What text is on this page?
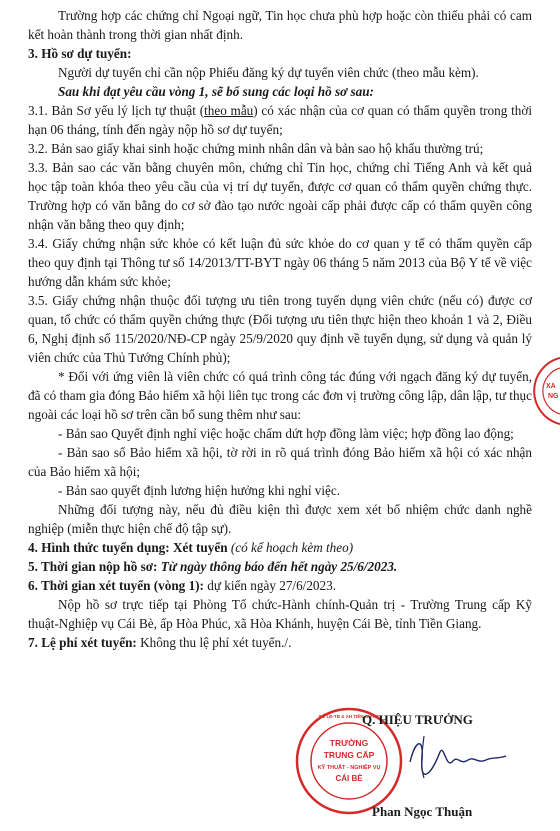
Trường hợp các chứng chỉ Ngoại ngữ, Tin học chưa phù hợp hoặc còn thiếu phải có cam kết hoàn thành trong thời gian nhất định.

3. Hồ sơ dự tuyển:

Người dự tuyển chỉ cần nộp Phiếu đăng ký dự tuyển viên chức (theo mẫu kèm).

Sau khi đạt yêu cầu vòng 1, sẽ bổ sung các loại hồ sơ sau:

3.1. Bản Sơ yếu lý lịch tự thuật (theo mẫu) có xác nhận của cơ quan có thẩm quyền trong thời hạn 06 tháng, tính đến ngày nộp hồ sơ dự tuyển;

3.2. Bản sao giấy khai sinh hoặc chứng minh nhân dân và bản sao hộ khẩu thường trú;

3.3. Bản sao các văn bằng chuyên môn, chứng chỉ Tin học, chứng chỉ Tiếng Anh và kết quả học tập toàn khóa theo yêu cầu của vị trí dự tuyển, được cơ quan có thẩm quyền chứng thực. Trường hợp có văn bằng do cơ sở đào tạo nước ngoài cấp phải được cấp có thẩm quyền công nhận văn bằng theo quy định;

3.4. Giấy chứng nhận sức khỏe có kết luận đủ sức khỏe do cơ quan y tế có thẩm quyền cấp theo quy định tại Thông tư số 14/2013/TT-BYT ngày 06 tháng 5 năm 2013 của Bộ Y tế về việc hướng dẫn khám sức khỏe;

3.5. Giấy chứng nhận thuộc đối tượng ưu tiên trong tuyển dụng viên chức (nếu có) được cơ quan, tổ chức có thẩm quyền chứng thực (Đối tượng ưu tiên thực hiện theo khoản 1 và 2, Điều 6, Nghị định số 115/2020/NĐ-CP ngày 25/9/2020 quy định về tuyển dụng, sử dụng và quản lý viên chức của Thủ Tướng Chính phủ);

* Đối với ứng viên là viên chức có quá trình công tác đúng với ngạch đăng ký dự tuyển, đã có tham gia đóng Bảo hiểm xã hội liên tục trong các đơn vị trường công lập, dân lập, tư thục ngoài các loại hồ sơ trên cần bổ sung thêm như sau:

- Bản sao Quyết định nghỉ việc hoặc chấm dứt hợp đồng làm việc; hợp đồng lao động;

- Bản sao sổ Bảo hiểm xã hội, tờ rời in rõ quá trình đóng Bảo hiểm xã hội có xác nhận của Bảo hiểm xã hội;

- Bản sao quyết định lương hiện hưởng khi nghỉ việc.

Những đối tượng này, nếu đủ điều kiện thì được xem xét bổ nhiệm chức danh nghề nghiệp (miễn thực hiện chế độ tập sự).

4. Hình thức tuyển dụng: Xét tuyển (có kế hoạch kèm theo)

5. Thời gian nộp hồ sơ: Từ ngày thông báo đến hết ngày 25/6/2023.

6. Thời gian xét tuyển (vòng 1): dự kiến ngày 27/6/2023.

Nộp hồ sơ trực tiếp tại Phòng Tổ chức-Hành chính-Quản trị - Trường Trung cấp Kỹ thuật-Nghiệp vụ Cái Bè, ấp Hòa Phúc, xã Hòa Khánh, huyện Cái Bè, tỉnh Tiền Giang.

7. Lệ phí xét tuyển: Không thu lệ phí xét tuyển./.

TRƯỜNG
TRUNG CẤP
KỸ THUẬT - NGHIỆP VỤ
CÁI BÈ
SỞ LĐ-TB & XH TIỀN GIANG
Q. HIỆU TRƯỞNG
Phan Ngọc Thuận
XA
NG
